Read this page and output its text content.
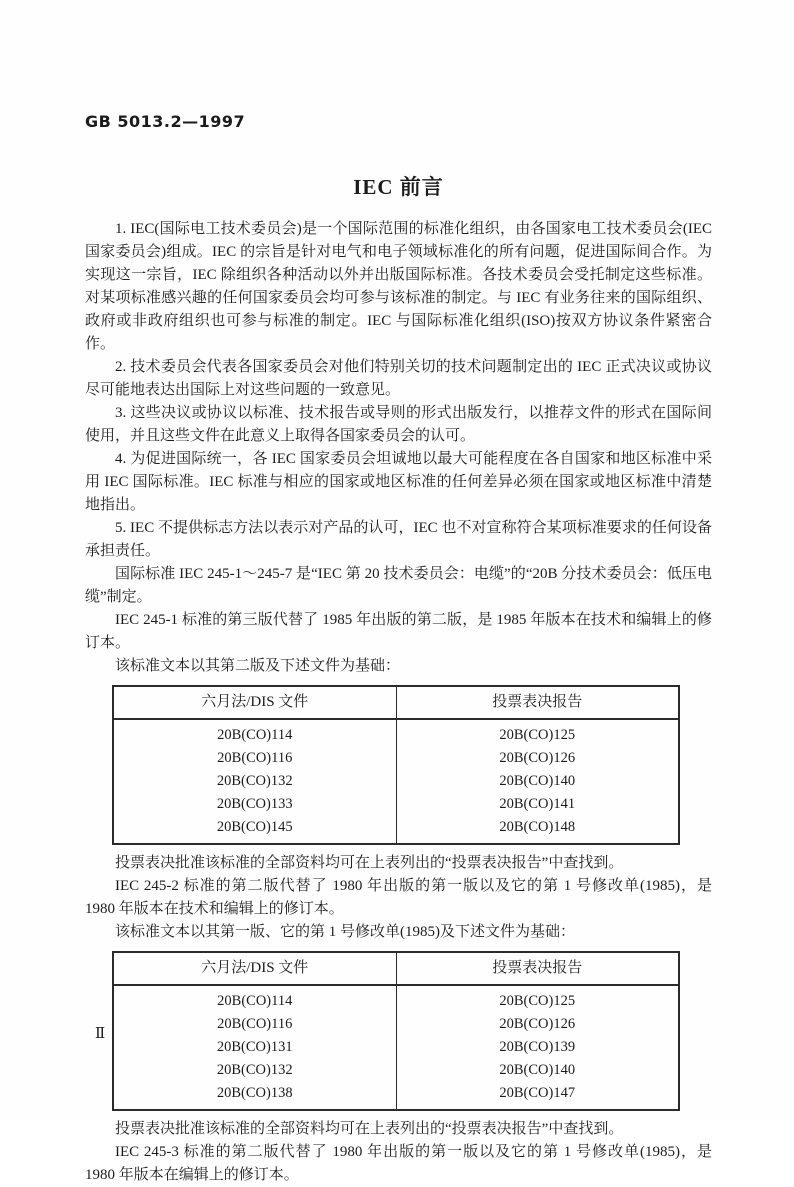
GB 5013.2—1997
IEC 前言

1. IEC(国际电工技术委员会)是一个国际范围的标准化组织，由各国家电工技术委员会(IEC 国家委员会)组成。IEC 的宗旨是针对电气和电子领域标准化的所有问题，促进国际间合作。为实现这一宗旨，IEC 除组织各种活动以外并出版国际标准。各技术委员会受托制定这些标准。对某项标准感兴趣的任何国家委员会均可参与该标准的制定。与 IEC 有业务往来的国际组织、政府或非政府组织也可参与标准的制定。IEC 与国际标准化组织(ISO)按双方协议条件紧密合作。

2. 技术委员会代表各国家委员会对他们特别关切的技术问题制定出的 IEC 正式决议或协议尽可能地表达出国际上对这些问题的一致意见。

3. 这些决议或协议以标准、技术报告或导则的形式出版发行，以推荐文件的形式在国际间使用，并且这些文件在此意义上取得各国家委员会的认可。

4. 为促进国际统一，各 IEC 国家委员会坦诚地以最大可能程度在各自国家和地区标准中采用 IEC 国际标准。IEC 标准与相应的国家或地区标准的任何差异必须在国家或地区标准中清楚地指出。

5. IEC 不提供标志方法以表示对产品的认可，IEC 也不对宣称符合某项标准要求的任何设备承担责任。

国际标准 IEC 245-1～245-7 是“IEC 第 20 技术委员会：电缆”的“20B 分技术委员会：低压电缆”制定。

IEC 245-1 标准的第三版代替了 1985 年出版的第二版，是 1985 年版本在技术和编辑上的修订本。

该标准文本以其第二版及下述文件为基础：

六月法/DIS 文件	投票表决报告
20B(CO)114	20B(CO)125
20B(CO)116	20B(CO)126
20B(CO)132	20B(CO)140
20B(CO)133	20B(CO)141
20B(CO)145	20B(CO)148

投票表决批准该标准的全部资料均可在上表列出的“投票表决报告”中查找到。

IEC 245-2 标准的第二版代替了 1980 年出版的第一版以及它的第 1 号修改单(1985)，是 1980 年版本在技术和编辑上的修订本。

该标准文本以其第一版、它的第 1 号修改单(1985)及下述文件为基础：

六月法/DIS 文件	投票表决报告
20B(CO)114	20B(CO)125
20B(CO)116	20B(CO)126
20B(CO)131	20B(CO)139
20B(CO)132	20B(CO)140
20B(CO)138	20B(CO)147

投票表决批准该标准的全部资料均可在上表列出的“投票表决报告”中查找到。

IEC 245-3 标准的第二版代替了 1980 年出版的第一版以及它的第 1 号修改单(1985)，是 1980 年版本在编辑上的修订本。

Ⅱ
